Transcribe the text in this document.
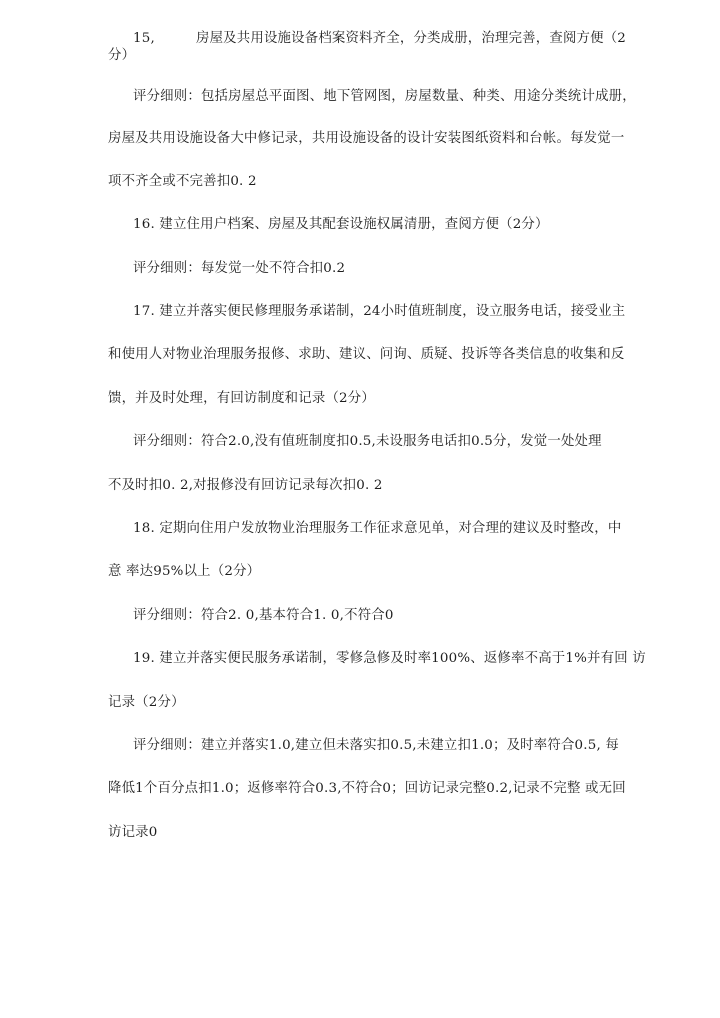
15,	房屋及共用设施设备档案资料齐全，分类成册，治理完善，查阅方便（2
分）
评分细则：包括房屋总平面图、地下管网图，房屋数量、种类、用途分类统计成册，
房屋及共用设施设备大中修记录，共用设施设备的设计安装图纸资料和台帐。每发觉一
项不齐全或不完善扣0. 2
16. 建立住用户档案、房屋及其配套设施权属清册，查阅方便（2分）
评分细则：每发觉一处不符合扣0.2
17. 建立并落实便民修理服务承诺制，24小时值班制度，设立服务电话，接受业主
和使用人对物业治理服务报修、求助、建议、问询、质疑、投诉等各类信息的收集和反
馈，并及时处理，有回访制度和记录（2分）
评分细则：符合2.0,没有值班制度扣0.5,未设服务电话扣0.5分，发觉一处处理
不及时扣0. 2,对报修没有回访记录每次扣0. 2
18. 定期向住用户发放物业治理服务工作征求意见单，对合理的建议及时整改，中
意 率达95%以上（2分）
评分细则：符合2. 0,基本符合1. 0,不符合0
19. 建立并落实便民服务承诺制，零修急修及时率100%、返修率不高于1%并有回 访
记录（2分）
评分细则：建立并落实1.0,建立但未落实扣0.5,未建立扣1.0；及时率符合0.5, 每
降低1个百分点扣1.0；返修率符合0.3,不符合0；回访记录完整0.2,记录不完整 或无回
访记录0
